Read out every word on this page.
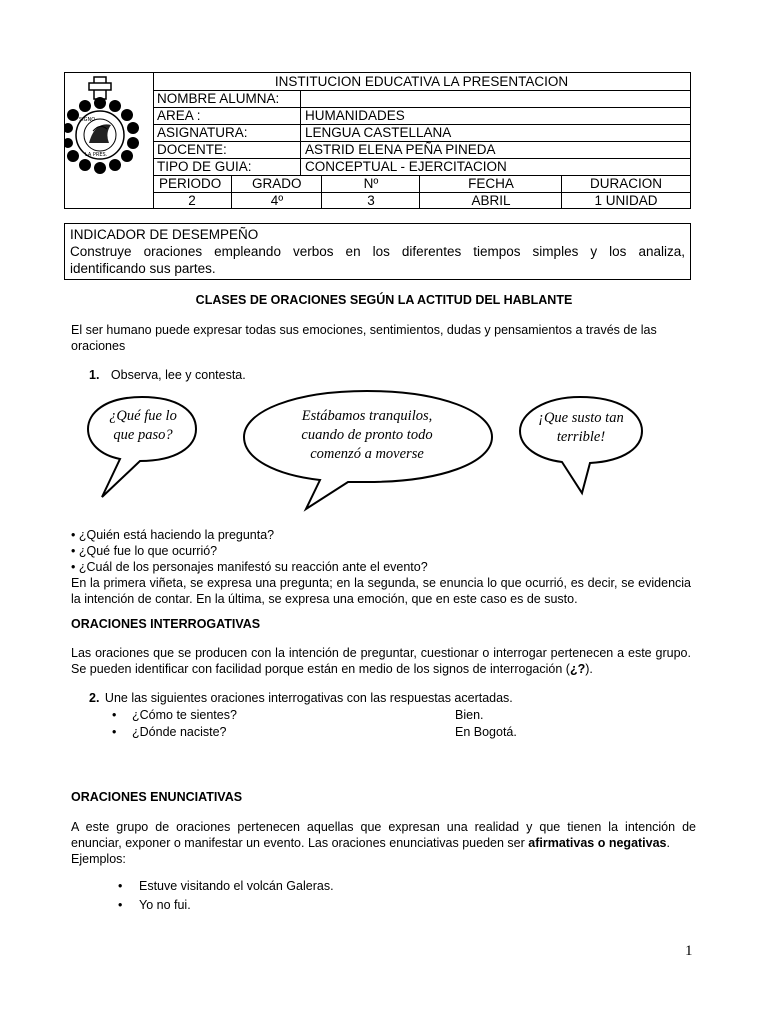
SIGNO
LA PRES.
INSTITUCION EDUCATIVA LA PRESENTACION
NOMBRE ALUMNA:
AREA :	HUMANIDADES
ASIGNATURA:	LENGUA CASTELLANA
DOCENTE:	ASTRID ELENA PEÑA PINEDA
TIPO DE GUIA:	CONCEPTUAL - EJERCITACION
PERIODO	GRADO	Nº	FECHA	DURACION
2	4º	3	ABRIL	1 UNIDAD
INDICADOR DE DESEMPEÑO
Construye oraciones empleando verbos en los diferentes tiempos simples y los analiza,
identificando sus partes.
CLASES DE ORACIONES SEGÚN LA ACTITUD DEL HABLANTE
El ser humano puede expresar todas sus emociones, sentimientos, dudas y pensamientos a través de las
oraciones
1. Observa, lee y contesta.
¿Qué fue lo
que paso?
Estábamos tranquilos,
cuando de pronto todo
comenzó a moverse
¡Que susto tan
terrible!
• ¿Quién está haciendo la pregunta?
• ¿Qué fue lo que ocurrió?
• ¿Cuál de los personajes manifestó su reacción ante el evento?
En la primera viñeta, se expresa una pregunta; en la segunda, se enuncia lo que ocurrió, es decir, se evidencia
la intención de contar. En la última, se expresa una emoción, que en este caso es de susto.
ORACIONES INTERROGATIVAS
Las oraciones que se producen con la intención de preguntar, cuestionar o interrogar pertenecen a este grupo.
Se pueden identificar con facilidad porque están en medio de los signos de interrogación (¿?).
2. Une las siguientes oraciones interrogativas con las respuestas acertadas.
• ¿Cómo te sientes?	Bien.
• ¿Dónde naciste?	En Bogotá.
ORACIONES ENUNCIATIVAS
A este grupo de oraciones pertenecen aquellas que expresan una realidad y que tienen la intención de
enunciar, exponer o manifestar un evento. Las oraciones enunciativas pueden ser afirmativas o negativas.
Ejemplos:
• Estuve visitando el volcán Galeras.
• Yo no fui.
1
